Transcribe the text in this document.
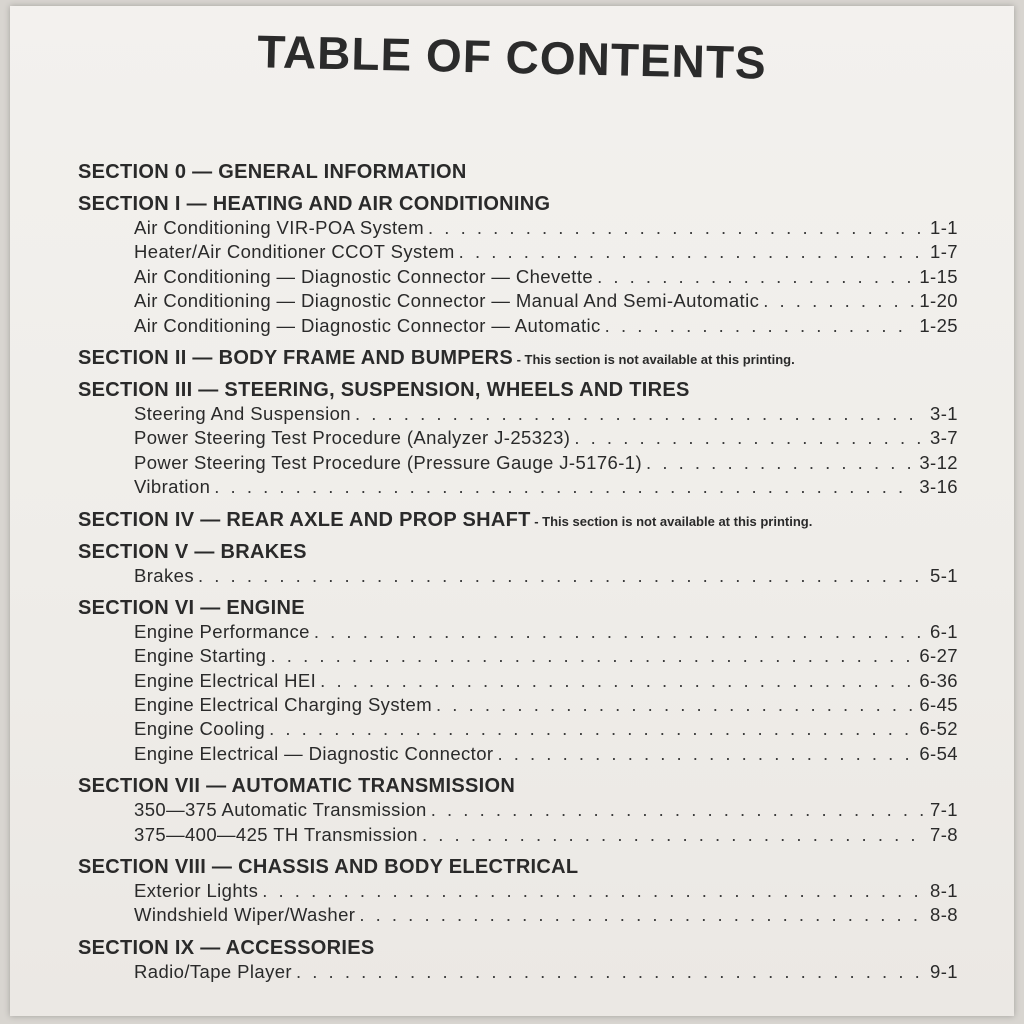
TABLE OF CONTENTS
SECTION 0 — GENERAL INFORMATION
SECTION I — HEATING AND AIR CONDITIONING
Air Conditioning VIR-POA System . . .	1-1
Heater/Air Conditioner CCOT System . . .	1-7
Air Conditioning — Diagnostic Connector — Chevette . . .	1-15
Air Conditioning — Diagnostic Connector — Manual And Semi-Automatic . . .	1-20
Air Conditioning — Diagnostic Connector — Automatic . . .	1-25
SECTION II — BODY FRAME AND BUMPERS - This section is not available at this printing.
SECTION III — STEERING, SUSPENSION, WHEELS AND TIRES
Steering And Suspension . . .	3-1
Power Steering Test Procedure (Analyzer J-25323) . . .	3-7
Power Steering Test Procedure (Pressure Gauge J-5176-1) . . .	3-12
Vibration . . .	3-16
SECTION IV — REAR AXLE AND PROP SHAFT - This section is not available at this printing.
SECTION V — BRAKES
Brakes . . .	5-1
SECTION VI — ENGINE
Engine Performance . . .	6-1
Engine Starting . . .	6-27
Engine Electrical HEI . . .	6-36
Engine Electrical Charging System . . .	6-45
Engine Cooling . . .	6-52
Engine Electrical — Diagnostic Connector . . .	6-54
SECTION VII — AUTOMATIC TRANSMISSION
350—375 Automatic Transmission . . .	7-1
375—400—425 TH Transmission . . .	7-8
SECTION VIII — CHASSIS AND BODY ELECTRICAL
Exterior Lights . . .	8-1
Windshield Wiper/Washer . . .	8-8
SECTION IX — ACCESSORIES
Radio/Tape Player . . .	9-1
